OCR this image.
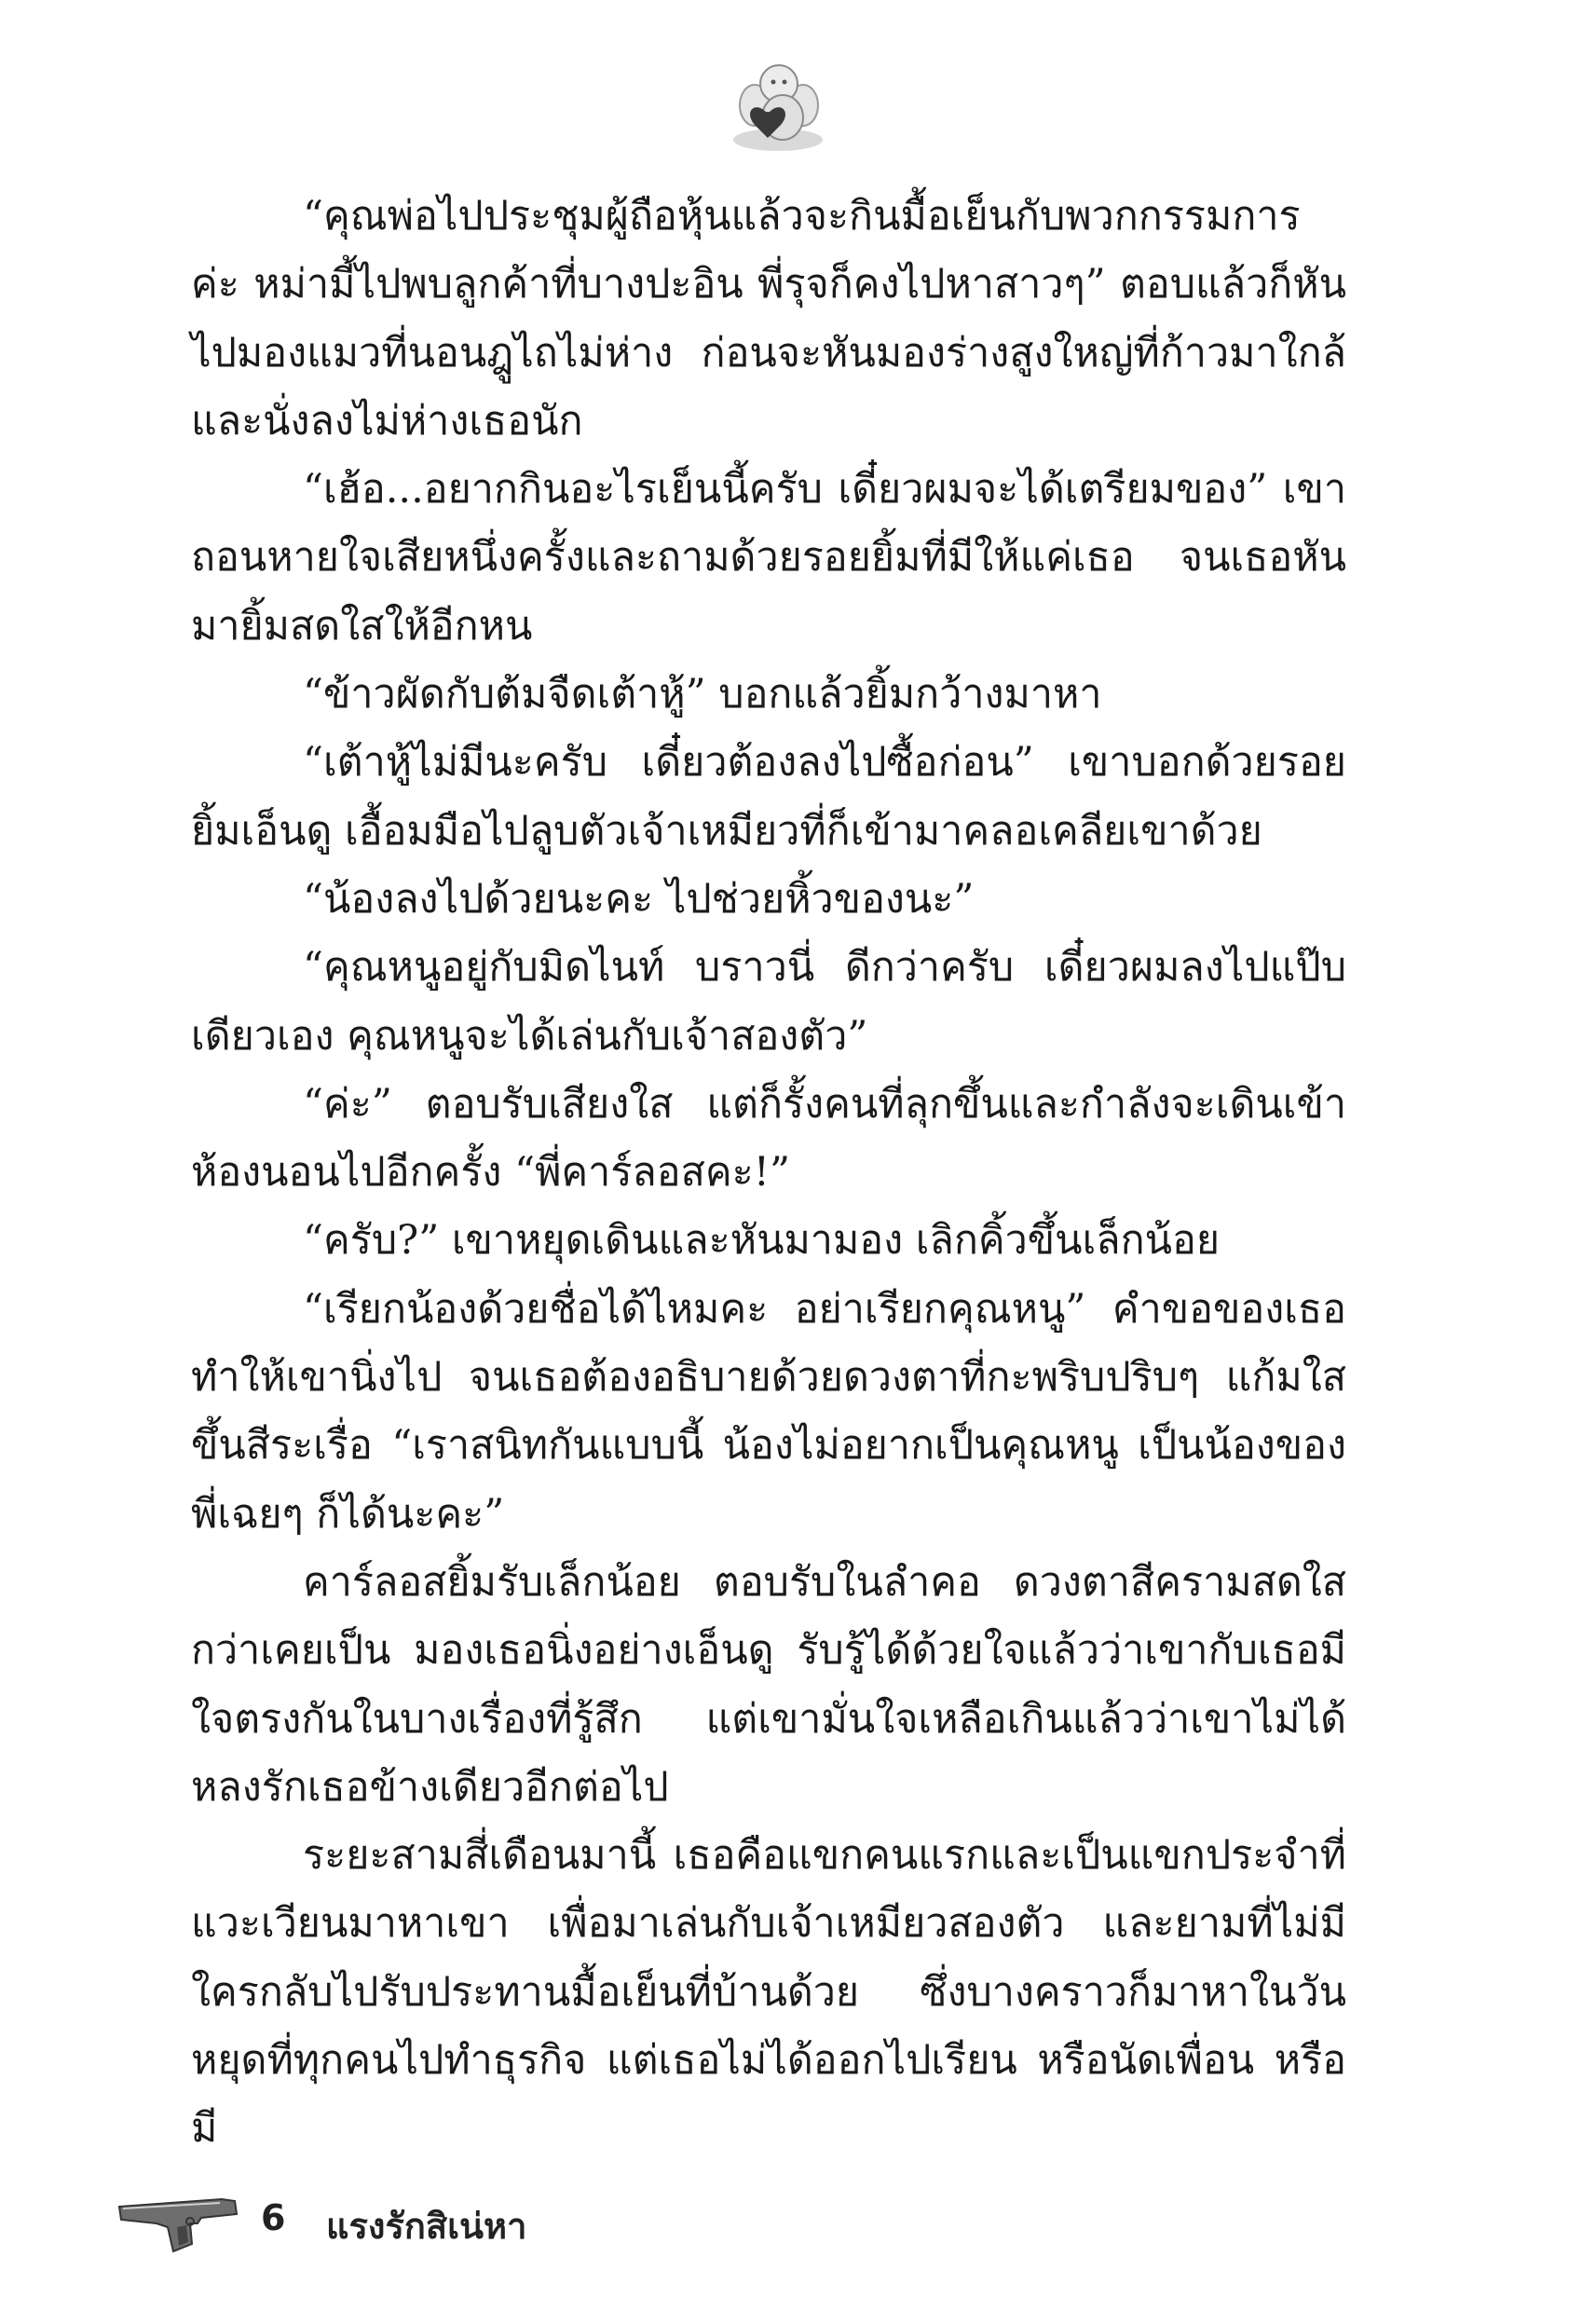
“คุณพ่อไปประชุมผู้ถือหุ้นแล้วจะกินมื้อเย็นกับพวกกรรมการค่ะ หม่ามี้ไปพบลูกค้าที่บางปะอิน พี่รุจก็คงไปหาสาวๆ” ตอบแล้วก็หันไปมองแมวที่นอนฎูไถไม่ห่าง ก่อนจะหันมองร่างสูงใหญ่ที่ก้าวมาใกล้และนั่งลงไม่ห่างเธอนัก

“เฮ้อ...อยากกินอะไรเย็นนี้ครับ เดี๋ยวผมจะได้เตรียมของ” เขาถอนหายใจเสียหนึ่งครั้งและถามด้วยรอยยิ้มที่มีให้แค่เธอ จนเธอหันมายิ้มสดใสให้อีกหน

“ข้าวผัดกับต้มจืดเต้าหู้” บอกแล้วยิ้มกว้างมาหา

“เต้าหู้ไม่มีนะครับ เดี๋ยวต้องลงไปซื้อก่อน” เขาบอกด้วยรอยยิ้มเอ็นดู เอื้อมมือไปลูบตัวเจ้าเหมียวที่ก็เข้ามาคลอเคลียเขาด้วย

“น้องลงไปด้วยนะคะ ไปช่วยหิ้วของนะ”

“คุณหนูอยู่กับมิดไนท์ บราวนี่ ดีกว่าครับ เดี๋ยวผมลงไปแป๊บเดียวเอง คุณหนูจะได้เล่นกับเจ้าสองตัว”

“ค่ะ” ตอบรับเสียงใส แต่ก็รั้งคนที่ลุกขึ้นและกำลังจะเดินเข้าห้องนอนไปอีกครั้ง “พี่คาร์ลอสคะ!”

“ครับ?” เขาหยุดเดินและหันมามอง เลิกคิ้วขึ้นเล็กน้อย

“เรียกน้องด้วยชื่อได้ไหมคะ อย่าเรียกคุณหนู” คำขอของเธอทำให้เขานิ่งไป จนเธอต้องอธิบายด้วยดวงตาที่กะพริบปริบๆ แก้มใสขึ้นสีระเรื่อ “เราสนิทกันแบบนี้ น้องไม่อยากเป็นคุณหนู เป็นน้องของพี่เฉยๆ ก็ได้นะคะ”

คาร์ลอสยิ้มรับเล็กน้อย ตอบรับในลำคอ ดวงตาสีครามสดใสกว่าเคยเป็น มองเธอนิ่งอย่างเอ็นดู รับรู้ได้ด้วยใจแล้วว่าเขากับเธอมีใจตรงกันในบางเรื่องที่รู้สึก แต่เขามั่นใจเหลือเกินแล้วว่าเขาไม่ได้หลงรักเธอข้างเดียวอีกต่อไป

ระยะสามสี่เดือนมานี้ เธอคือแขกคนแรกและเป็นแขกประจำที่แวะเวียนมาหาเขา เพื่อมาเล่นกับเจ้าเหมียวสองตัว และยามที่ไม่มีใครกลับไปรับประทานมื้อเย็นที่บ้านด้วย ซึ่งบางคราวก็มาหาในวันหยุดที่ทุกคนไปทำธุรกิจ แต่เธอไม่ได้ออกไปเรียน หรือนัดเพื่อน หรือมี

6 แรงรักสิเน่หา
